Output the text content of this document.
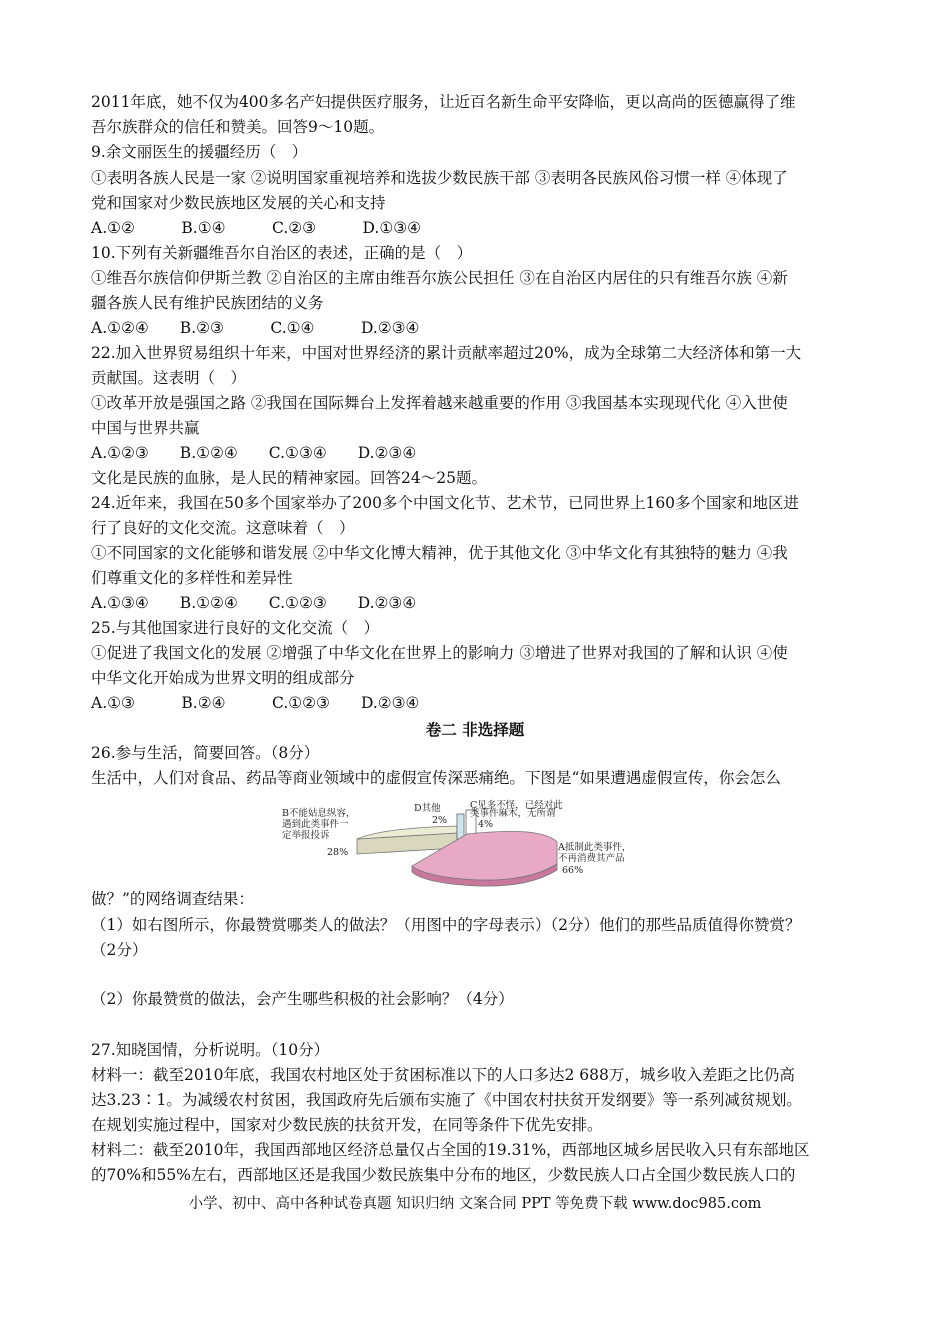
2011年底，她不仅为400多名产妇提供医疗服务，让近百名新生命平安降临，更以高尚的医德赢得了维
吾尔族群众的信任和赞美。回答9～10题。
9.余文丽医生的援疆经历（　）
①表明各族人民是一家 ②说明国家重视培养和选拔少数民族干部 ③表明各民族风俗习惯一样 ④体现了
党和国家对少数民族地区发展的关心和支持
A.①②　　　B.①④　　　C.②③　　　D.①③④
10.下列有关新疆维吾尔自治区的表述，正确的是（　）
①维吾尔族信仰伊斯兰教 ②自治区的主席由维吾尔族公民担任 ③在自治区内居住的只有维吾尔族 ④新
疆各族人民有维护民族团结的义务
A.①②④　　B.②③　　　C.①④　　　D.②③④
22.加入世界贸易组织十年来，中国对世界经济的累计贡献率超过20%，成为全球第二大经济体和第一大
贡献国。这表明（　）
①改革开放是强国之路 ②我国在国际舞台上发挥着越来越重要的作用 ③我国基本实现现代化 ④入世使
中国与世界共赢
A.①②③　　B.①②④　　C.①③④　　D.②③④
文化是民族的血脉，是人民的精神家园。回答24～25题。
24.近年来，我国在50多个国家举办了200多个中国文化节、艺术节，已同世界上160多个国家和地区进
行了良好的文化交流。这意味着（　）
①不同国家的文化能够和谐发展 ②中华文化博大精神，优于其他文化 ③中华文化有其独特的魅力 ④我
们尊重文化的多样性和差异性
A.①③④　　B.①②④　　C.①②③　　D.②③④
25.与其他国家进行良好的文化交流（　）
①促进了我国文化的发展 ②增强了中华文化在世界上的影响力 ③增进了世界对我国的了解和认识 ④使
中华文化开始成为世界文明的组成部分
A.①③　　　B.②④　　　C.①②③　　D.②③④
卷二 非选择题
26.参与生活，简要回答。（8分）
生活中，人们对食品、药品等商业领域中的虚假宣传深恶痛绝。下图是“如果遭遇虚假宣传，你会怎么
B不能姑息纵容，
遇到此类事件一
定举报投诉
28%
D其他
2%
C见多不怪，已经对此
类事件麻木，无所谓
4%
A抵制此类事件，
不再消费其产品
66%
做？”的网络调查结果：
（1）如右图所示，你最赞赏哪类人的做法？（用图中的字母表示）（2分）他们的那些品质值得你赞赏？
（2分）
（2）你最赞赏的做法，会产生哪些积极的社会影响？（4分）
27.知晓国情，分析说明。（10分）
材料一：截至2010年底，我国农村地区处于贫困标准以下的人口多达2 688万，城乡收入差距之比仍高
达3.23∶1。为减缓农村贫困，我国政府先后颁布实施了《中国农村扶贫开发纲要》等一系列减贫规划。
在规划实施过程中，国家对少数民族的扶贫开发，在同等条件下优先安排。
材料二：截至2010年，我国西部地区经济总量仅占全国的19.31%，西部地区城乡居民收入只有东部地区
的70%和55%左右，西部地区还是我国少数民族集中分布的地区，少数民族人口占全国少数民族人口的
小学、初中、高中各种试卷真题 知识归纳 文案合同 PPT 等免费下载 www.doc985.com
